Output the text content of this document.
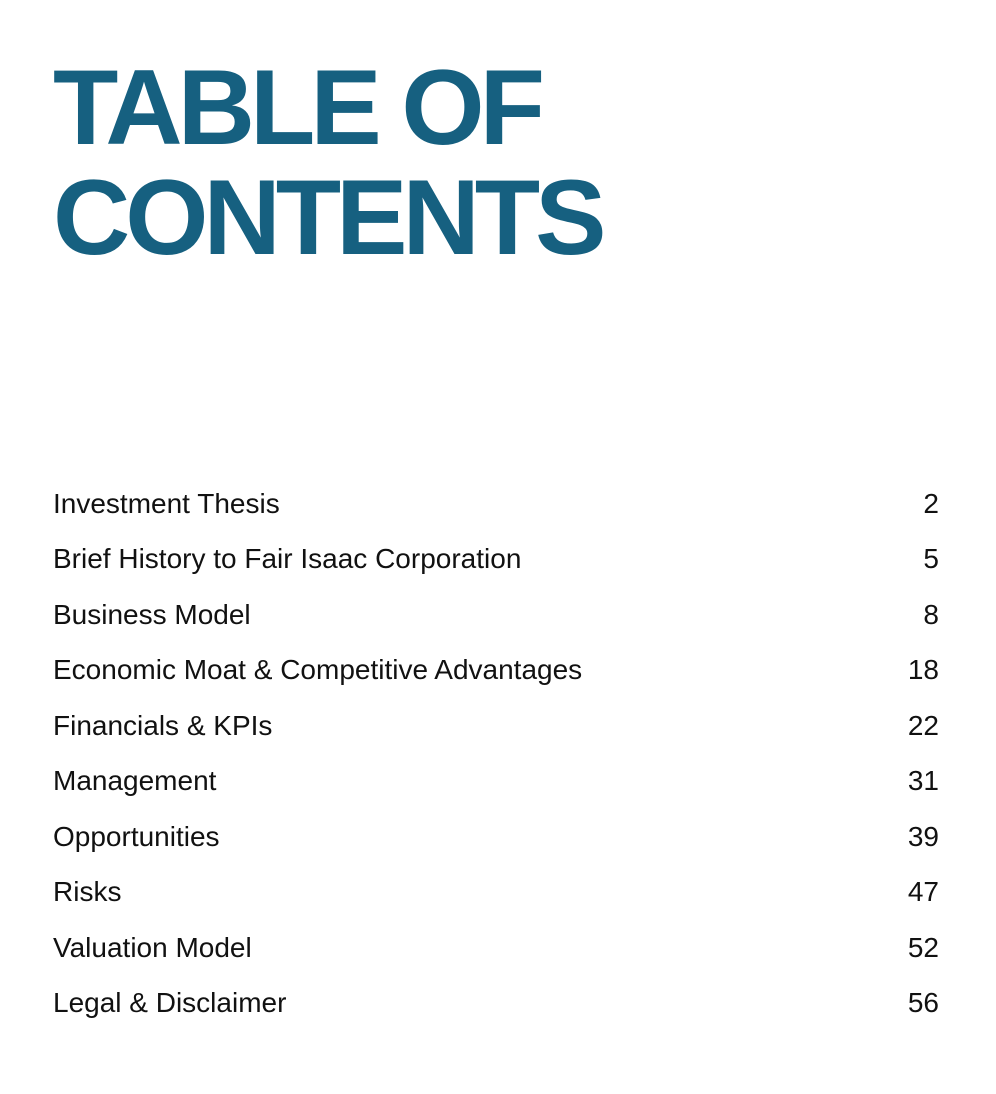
TABLE OF
CONTENTS
Investment Thesis	2
Brief History to Fair Isaac Corporation	5
Business Model	8
Economic Moat & Competitive Advantages	18
Financials & KPIs	22
Management	31
Opportunities	39
Risks	47
Valuation Model	52
Legal & Disclaimer	56
